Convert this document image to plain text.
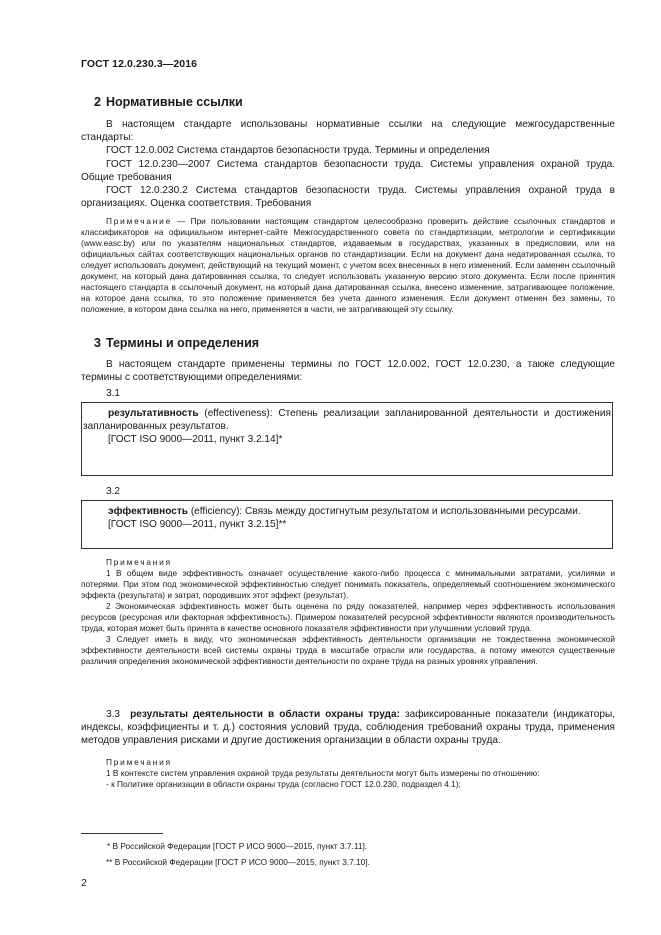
ГОСТ 12.0.230.3—2016
2 Нормативные ссылки

В настоящем стандарте использованы нормативные ссылки на следующие межгосударственные стандарты:

ГОСТ 12.0.002 Система стандартов безопасности труда. Термины и определения

ГОСТ 12.0.230—2007 Система стандартов безопасности труда. Системы управления охраной труда. Общие требования

ГОСТ 12.0.230.2 Система стандартов безопасности труда. Системы управления охраной труда в организациях. Оценка соответствия. Требования

Примечание — При пользовании настоящим стандартом целесообразно проверить действие ссылочных стандартов и классификаторов на официальном интернет-сайте Межгосударственного совета по стандартизации, метрологии и сертификации (www.easc.by) или по указателям национальных стандартов, издаваемым в государствах, указанных в предисловии, или на официальных сайтах соответствующих национальных органов по стандартизации. Если на документ дана недатированная ссылка, то следует использовать документ, действующий на текущий момент, с учетом всех внесенных в него изменений. Если заменен ссылочный документ, на который дана датированная ссылка, то следует использовать указанную версию этого документа. Если после принятия настоящего стандарта в ссылочный документ, на который дана датированная ссылка, внесено изменение, затрагивающее положение, на которое дана ссылка, то это положение применяется без учета данного изменения. Если документ отменен без замены, то положение, в котором дана ссылка на него, применяется в части, не затрагивающей эту ссылку.

3 Термины и определения

В настоящем стандарте применены термины по ГОСТ 12.0.002, ГОСТ 12.0.230, а также следующие термины с соответствующими определениями:

3.1

результативность (effectiveness): Степень реализации запланированной деятельности и достижения запланированных результатов.

[ГОСТ ISO 9000—2011, пункт 3.2.14]*

3.2

эффективность (efficiency): Связь между достигнутым результатом и использованными ресурсами.

[ГОСТ ISO 9000—2011, пункт 3.2.15]**

Примечания

1 В общем виде эффективность означает осуществление какого-либо процесса с минимальными затратами, усилиями и потерями. При этом под экономической эффективностью следует понимать показатель, определяемый соотношением экономического эффекта (результата) и затрат, породивших этот эффект (результат).

2 Экономическая эффективность может быть оценена по ряду показателей, например через эффективность использования ресурсов (ресурсная или факторная эффективность). Примером показателей ресурсной эффективности являются производительность труда, которая может быть принята в качестве основного показателя эффективности при улучшении условий труда.

3 Следует иметь в виду, что экономическая эффективность деятельности организации не тождественна экономической эффективности деятельности всей системы охраны труда в масштабе отрасли или государства, а потому имеются существенные различия определения экономической эффективности деятельности по охране труда на разных уровнях управления.

3.3 результаты деятельности в области охраны труда: зафиксированные показатели (индикаторы, индексы, коэффициенты и т. д.) состояния условий труда, соблюдения требований охраны труда, применения методов управления рисками и другие достижения организации в области охраны труда.

Примечания

1 В контексте систем управления охраной труда результаты деятельности могут быть измерены по отношению:

- к Политике организации в области охраны труда (согласно ГОСТ 12.0.230, подраздел 4.1);

* В Российской Федерации [ГОСТ Р ИСО 9000—2015, пункт 3.7.11].
** В Российской Федерации [ГОСТ Р ИСО 9000—2015, пункт 3.7.10].
2
